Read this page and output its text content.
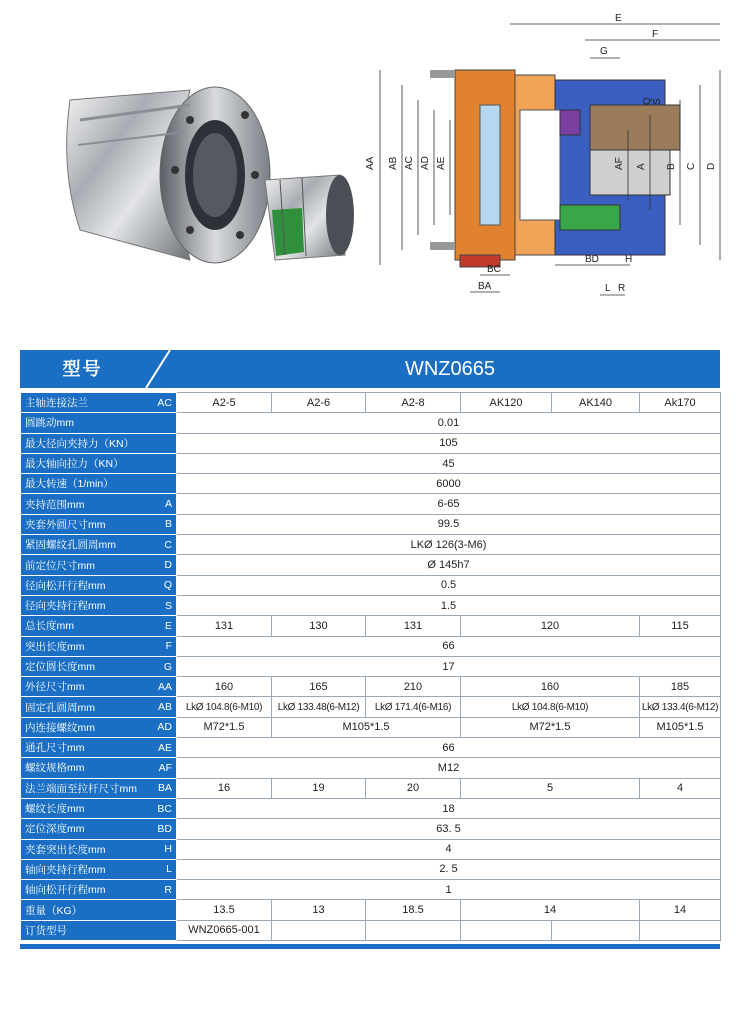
E
F
G
AA AB AC AD AE	AF A B C D
Q S
BC
BD
BA
H
L R
型号	WNZ0665
主轴连接法兰	AC	A2-5	A2-6	A2-8	AK120	AK140	Ak170
圆跳动mm		0.01					
最大径向夹持力（KN）		105					
最大轴向拉力（KN）		45					
最大转速（1/min）		6000					
夹持范围mm	A	6-65					
夹套外圆尺寸mm	B	99.5					
紧固螺纹孔圆周mm	C	LKØ 126(3-M6)					
前定位尺寸mm	D	Ø 145h7					
径向松开行程mm	Q	0.5					
径向夹持行程mm	S	1.5					
总长度mm	E	131	130	131	120		115
突出长度mm	F	66					
定位圆长度mm	G	17					
外径尺寸mm	AA	160	165	210	160		185
固定孔圆周mm	AB	LkØ 104.8(6-M10)	LkØ 133.48(6-M12)	LkØ 171.4(6-M16)	LkØ 104.8(6-M10)		LkØ 133.4(6-M12)
内连接螺纹mm	AD	M72*1.5	M105*1.5		M72*1.5		M105*1.5
通孔尺寸mm	AE	66					
螺纹规格mm	AF	M12					
法兰端面至拉杆尺寸mm	BA	16	19	20	5		4
螺纹长度mm	BC	18					
定位深度mm	BD	63. 5					
夹套突出长度mm	H	4					
轴向夹持行程mm	L	2. 5					
轴向松开行程mm	R	1					
重量（KG）		13.5	13	18.5	14		14
订货型号		WNZ0665-001					
